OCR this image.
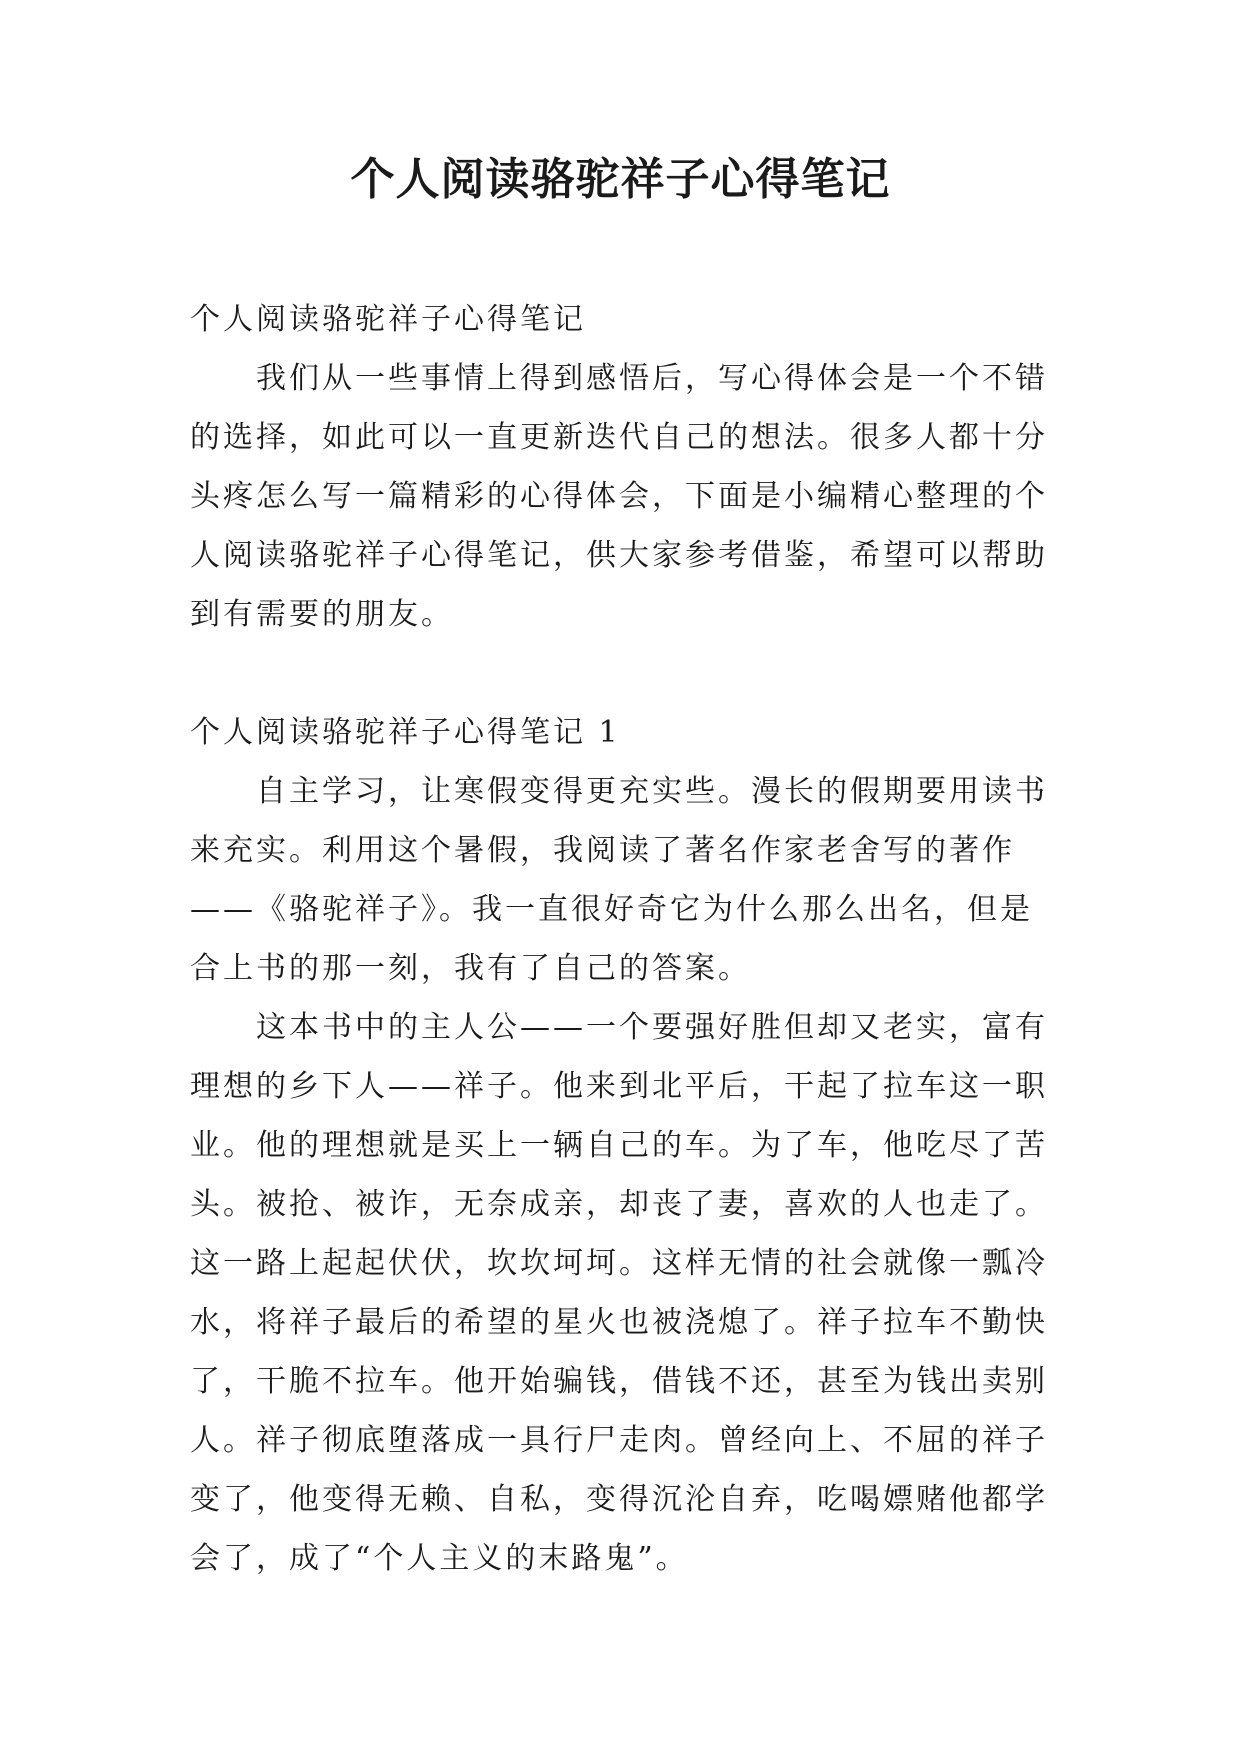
个人阅读骆驼祥子心得笔记

个人阅读骆驼祥子心得笔记

我们从一些事情上得到感悟后，写心得体会是一个不错的选择，如此可以一直更新迭代自己的想法。很多人都十分头疼怎么写一篇精彩的心得体会，下面是小编精心整理的个人阅读骆驼祥子心得笔记，供大家参考借鉴，希望可以帮助到有需要的朋友。

个人阅读骆驼祥子心得笔记 1

自主学习，让寒假变得更充实些。漫长的假期要用读书来充实。利用这个暑假，我阅读了著名作家老舍写的著作——《骆驼祥子》。我一直很好奇它为什么那么出名，但是合上书的那一刻，我有了自己的答案。

这本书中的主人公——一个要强好胜但却又老实，富有理想的乡下人——祥子。他来到北平后，干起了拉车这一职业。他的理想就是买上一辆自己的车。为了车，他吃尽了苦头。被抢、被诈，无奈成亲，却丧了妻，喜欢的人也走了。这一路上起起伏伏，坎坎坷坷。这样无情的社会就像一瓢冷水，将祥子最后的希望的星火也被浇熄了。祥子拉车不勤快了，干脆不拉车。他开始骗钱，借钱不还，甚至为钱出卖别人。祥子彻底堕落成一具行尸走肉。曾经向上、不屈的祥子变了，他变得无赖、自私，变得沉沦自弃，吃喝嫖赌他都学会了，成了“个人主义的末路鬼”。
